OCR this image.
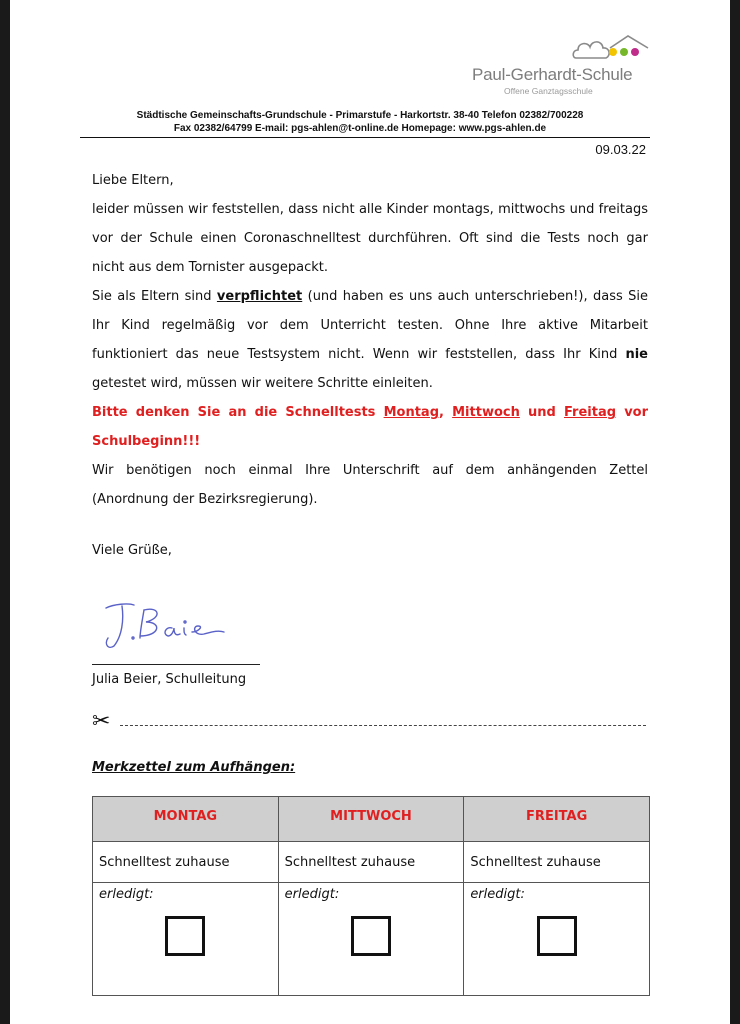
Paul-Gerhardt-Schule
Offene Ganztagsschule
Städtische Gemeinschafts-Grundschule - Primarstufe - Harkortstr. 38-40 Telefon 02382/700228
Fax 02382/64799 E-mail: pgs-ahlen@t-online.de Homepage: www.pgs-ahlen.de
09.03.22

Liebe Eltern,

leider müssen wir feststellen, dass nicht alle Kinder montags, mittwochs und freitags vor der Schule einen Coronaschnelltest durchführen. Oft sind die Tests noch gar nicht aus dem Tornister ausgepackt.

Sie als Eltern sind verpflichtet (und haben es uns auch unterschrieben!), dass Sie Ihr Kind regelmäßig vor dem Unterricht testen. Ohne Ihre aktive Mitarbeit funktioniert das neue Testsystem nicht. Wenn wir feststellen, dass Ihr Kind nie getestet wird, müssen wir weitere Schritte einleiten.

Bitte denken Sie an die Schnelltests Montag, Mittwoch und Freitag vor Schulbeginn!!!

Wir benötigen noch einmal Ihre Unterschrift auf dem anhängenden Zettel (Anordnung der Bezirksregierung).

Viele Grüße,
Julia Beier, Schulleitung
✂
Merkzettel zum Aufhängen:
MONTAG	MITTWOCH	FREITAG
Schnelltest zuhause	Schnelltest zuhause	Schnelltest zuhause

erledigt:	erledigt:	erledigt:
